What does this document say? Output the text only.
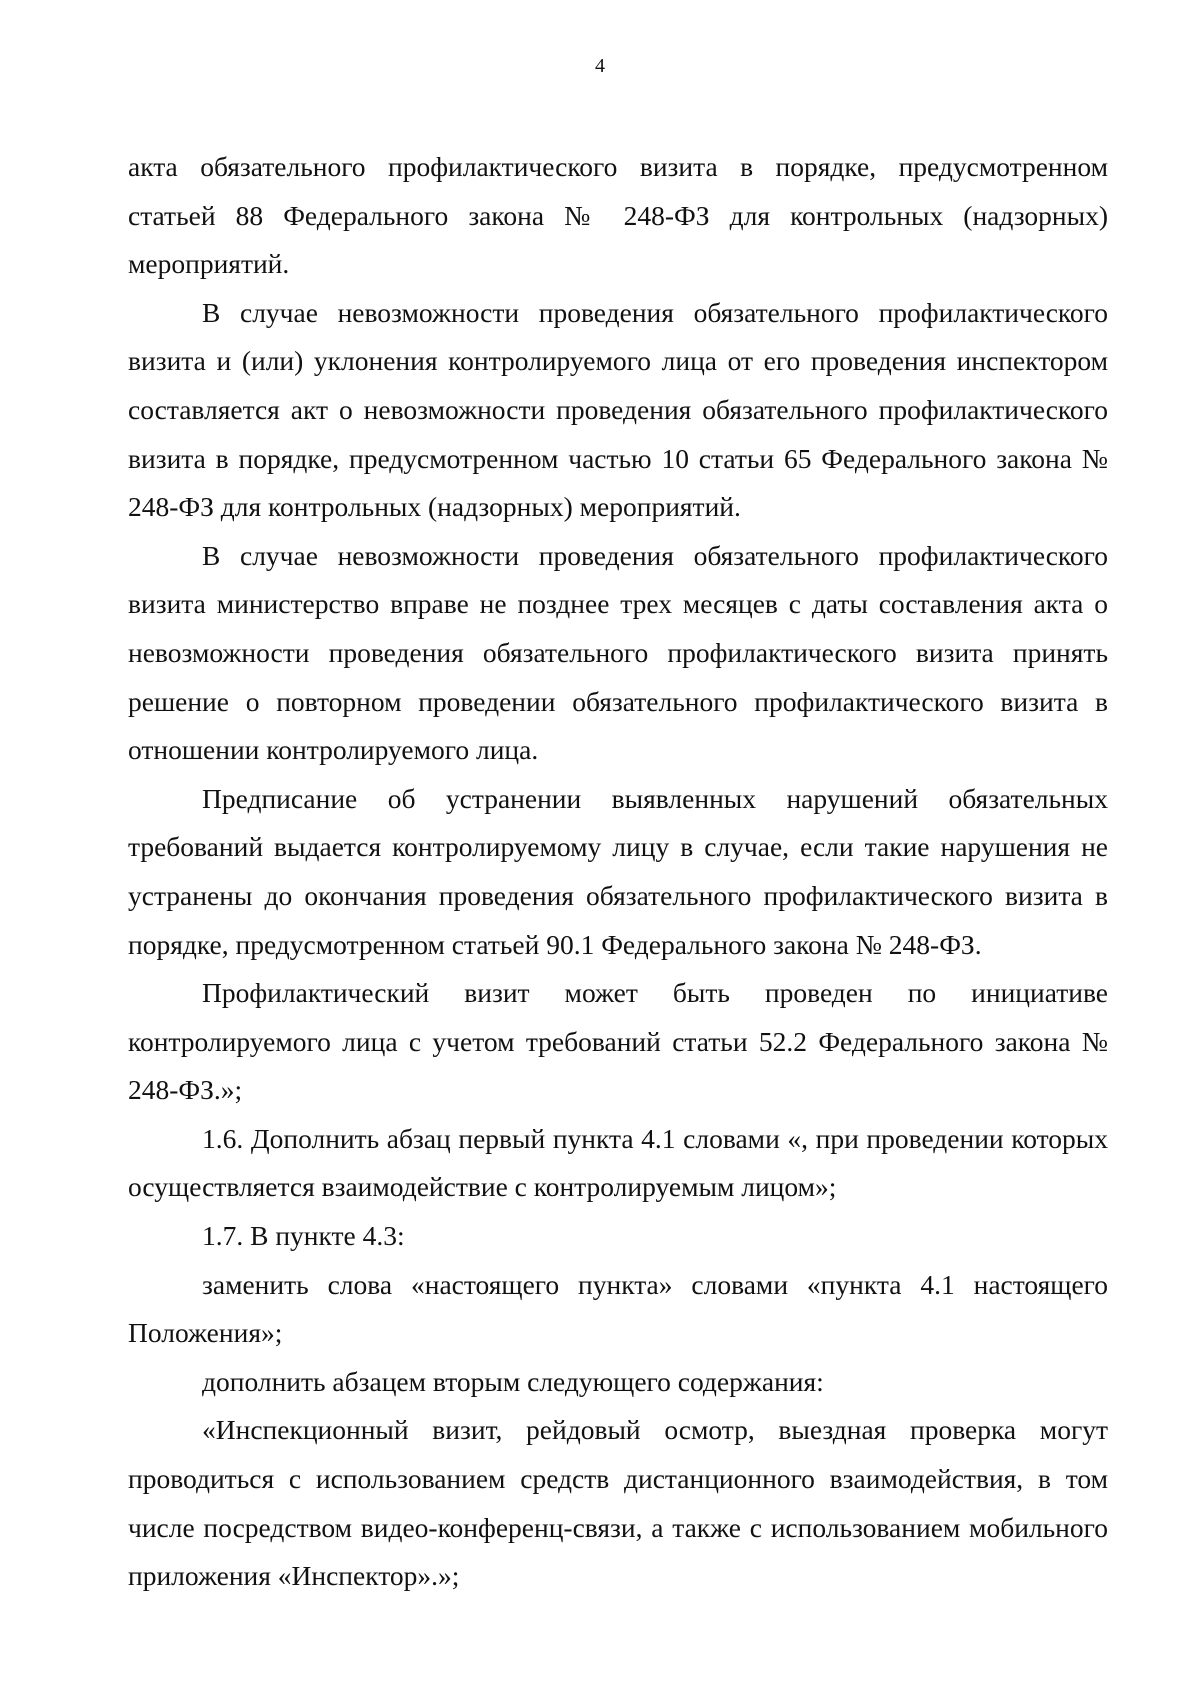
4

акта обязательного профилактического визита в порядке, предусмотренном статьей 88 Федерального закона № 248-ФЗ для контрольных (надзорных) мероприятий.

В случае невозможности проведения обязательного профилактического визита и (или) уклонения контролируемого лица от его проведения инспектором составляется акт о невозможности проведения обязательного профилактического визита в порядке, предусмотренном частью 10 статьи 65 Федерального закона № 248-ФЗ для контрольных (надзорных) мероприятий.

В случае невозможности проведения обязательного профилактического визита министерство вправе не позднее трех месяцев с даты составления акта о невозможности проведения обязательного профилактического визита принять решение о повторном проведении обязательного профилактического визита в отношении контролируемого лица.

Предписание об устранении выявленных нарушений обязательных требований выдается контролируемому лицу в случае, если такие нарушения не устранены до окончания проведения обязательного профилактического визита в порядке, предусмотренном статьей 90.1 Федерального закона № 248-ФЗ.

Профилактический визит может быть проведен по инициативе контролируемого лица с учетом требований статьи 52.2 Федерального закона № 248-ФЗ.»;

1.6. Дополнить абзац первый пункта 4.1 словами «, при проведении которых осуществляется взаимодействие с контролируемым лицом»;

1.7. В пункте 4.3:

заменить слова «настоящего пункта» словами «пункта 4.1 настоящего Положения»;

дополнить абзацем вторым следующего содержания:

«Инспекционный визит, рейдовый осмотр, выездная проверка могут проводиться с использованием средств дистанционного взаимодействия, в том числе посредством видео-конференц-связи, а также с использованием мобильного приложения «Инспектор».»;
